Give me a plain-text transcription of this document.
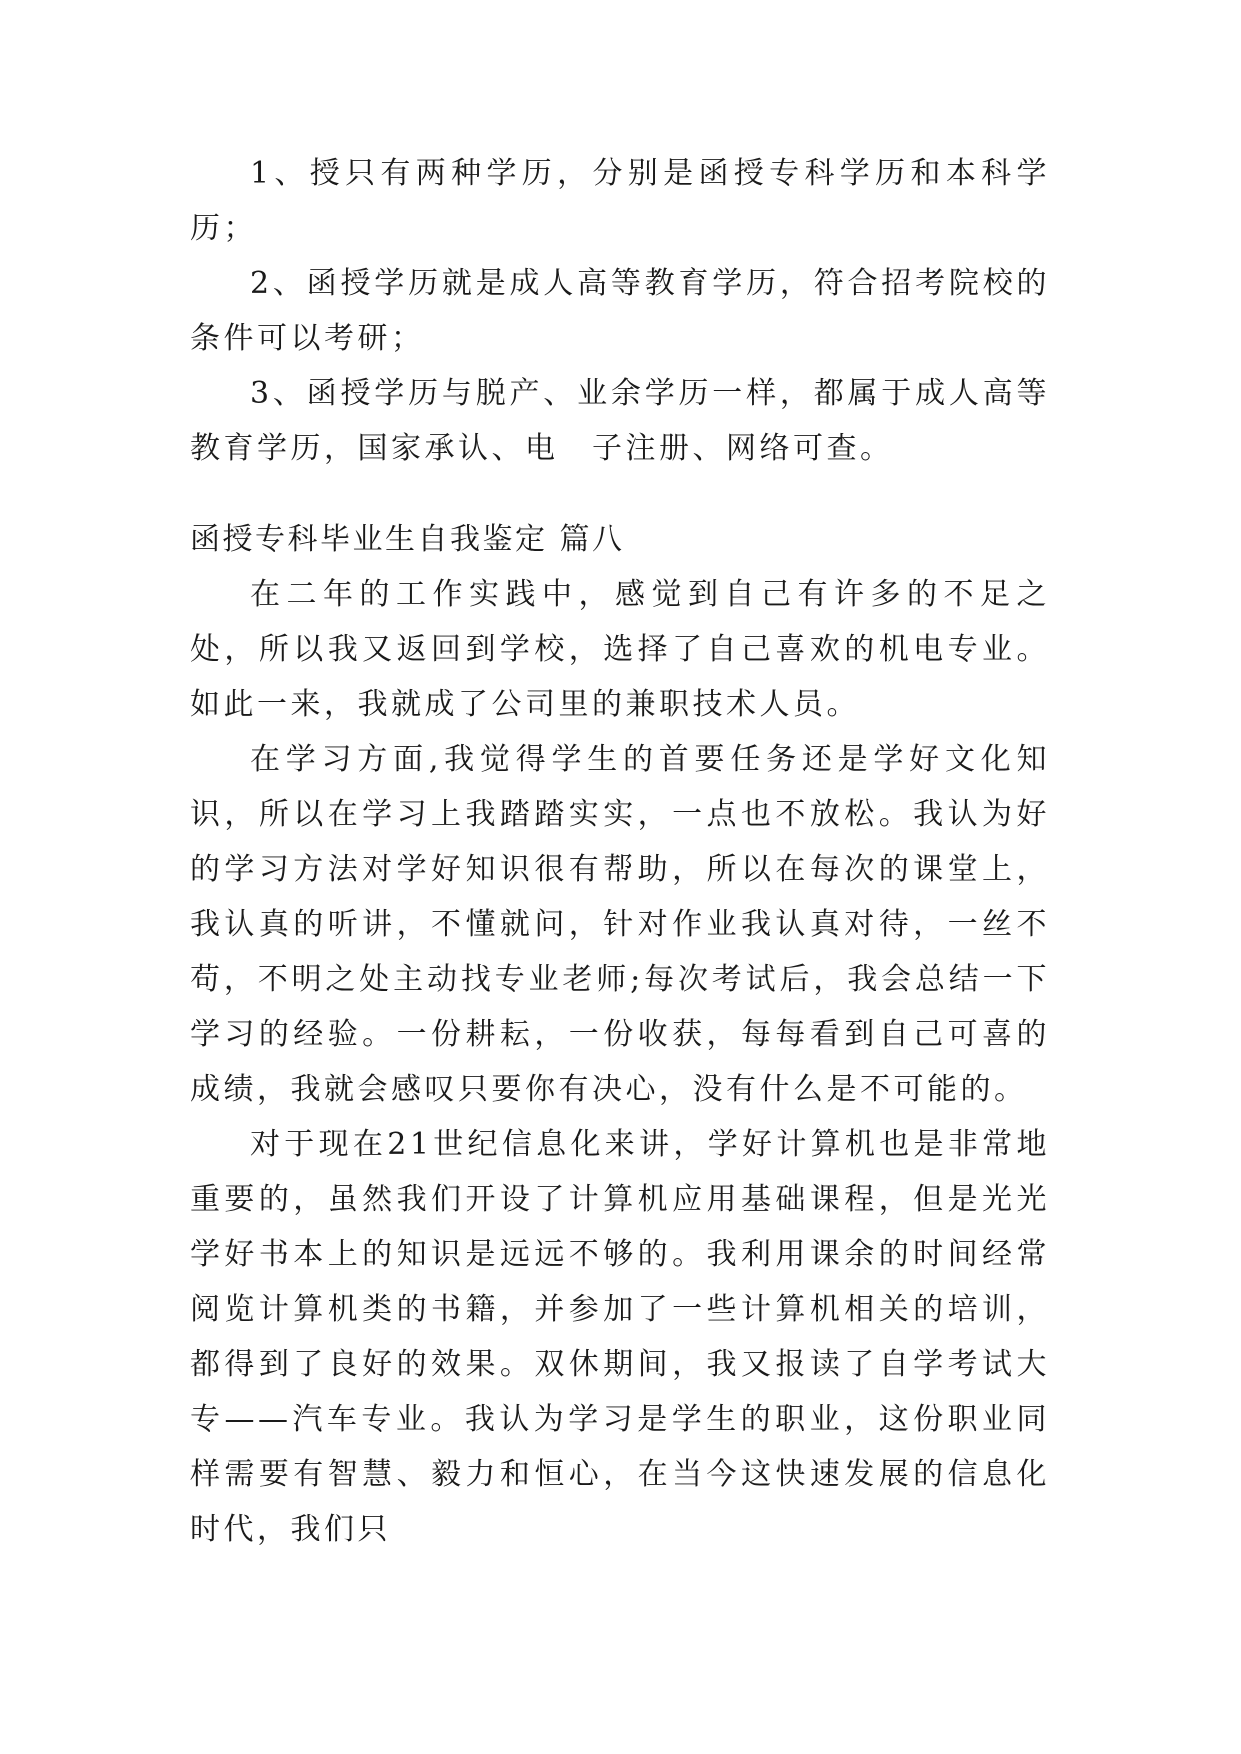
1、授只有两种学历，分别是函授专科学历和本科学历；

2、函授学历就是成人高等教育学历，符合招考院校的条件可以考研；

3、函授学历与脱产、业余学历一样，都属于成人高等教育学历，国家承认、电　子注册、网络可查。

函授专科毕业生自我鉴定 篇八

在二年的工作实践中，感觉到自己有许多的不足之处，所以我又返回到学校，选择了自己喜欢的机电专业。如此一来，我就成了公司里的兼职技术人员。

在学习方面,我觉得学生的首要任务还是学好文化知识，所以在学习上我踏踏实实，一点也不放松。我认为好的学习方法对学好知识很有帮助，所以在每次的课堂上，我认真的听讲，不懂就问，针对作业我认真对待，一丝不苟，不明之处主动找专业老师;每次考试后，我会总结一下学习的经验。一份耕耘，一份收获，每每看到自己可喜的成绩，我就会感叹只要你有决心，没有什么是不可能的。

对于现在21世纪信息化来讲，学好计算机也是非常地重要的，虽然我们开设了计算机应用基础课程，但是光光学好书本上的知识是远远不够的。我利用课余的时间经常阅览计算机类的书籍，并参加了一些计算机相关的培训，都得到了良好的效果。双休期间，我又报读了自学考试大专——汽车专业。我认为学习是学生的职业，这份职业同样需要有智慧、毅力和恒心，在当今这快速发展的信息化时代，我们只
